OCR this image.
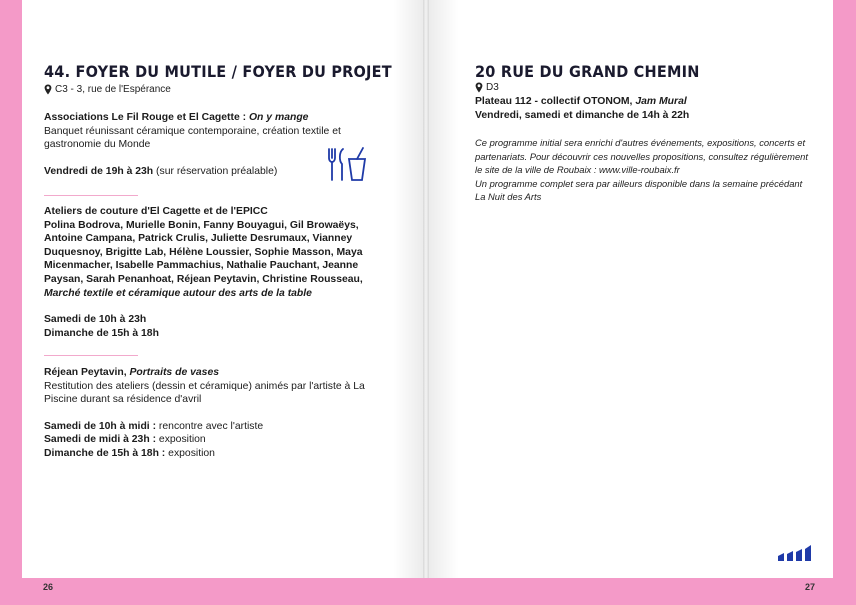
44. FOYER DU MUTILE / FOYER DU PROJET
C3 - 3, rue de l'Espérance
Associations Le Fil Rouge et El Cagette : On y mange
Banquet réunissant céramique contemporaine, création textile et gastronomie du Monde
Vendredi de 19h à 23h (sur réservation préalable)
Ateliers de couture d'El Cagette et de l'EPICC
Polina Bodrova, Murielle Bonin, Fanny Bouyagui, Gil Browaëys, Antoine Campana, Patrick Crulis, Juliette Desrumaux, Vianney Duquesnoy, Brigitte Lab, Hélène Loussier, Sophie Masson, Maya Micenmacher, Isabelle Pammachius, Nathalie Pauchant, Jeanne Paysan, Sarah Penanhoat, Réjean Peytavin, Christine Rousseau,
Marché textile et céramique autour des arts de la table
Samedi de 10h à 23h
Dimanche de 15h à 18h
Réjean Peytavin, Portraits de vases
Restitution des ateliers (dessin et céramique) animés par l'artiste à La Piscine durant sa résidence d'avril
Samedi de 10h à midi : rencontre avec l'artiste
Samedi de midi à 23h : exposition
Dimanche de 15h à 18h : exposition
26
20 RUE DU GRAND CHEMIN
D3
Plateau 112 - collectif OTONOM, Jam Mural
Vendredi, samedi et dimanche de 14h à 22h
Ce programme initial sera enrichi d'autres événements, expositions, concerts et
partenariats. Pour découvrir ces nouvelles propositions, consultez régulièrement
le site de la ville de Roubaix : www.ville-roubaix.fr
Un programme complet sera par ailleurs disponible dans la semaine précédant
La Nuit des Arts
27
